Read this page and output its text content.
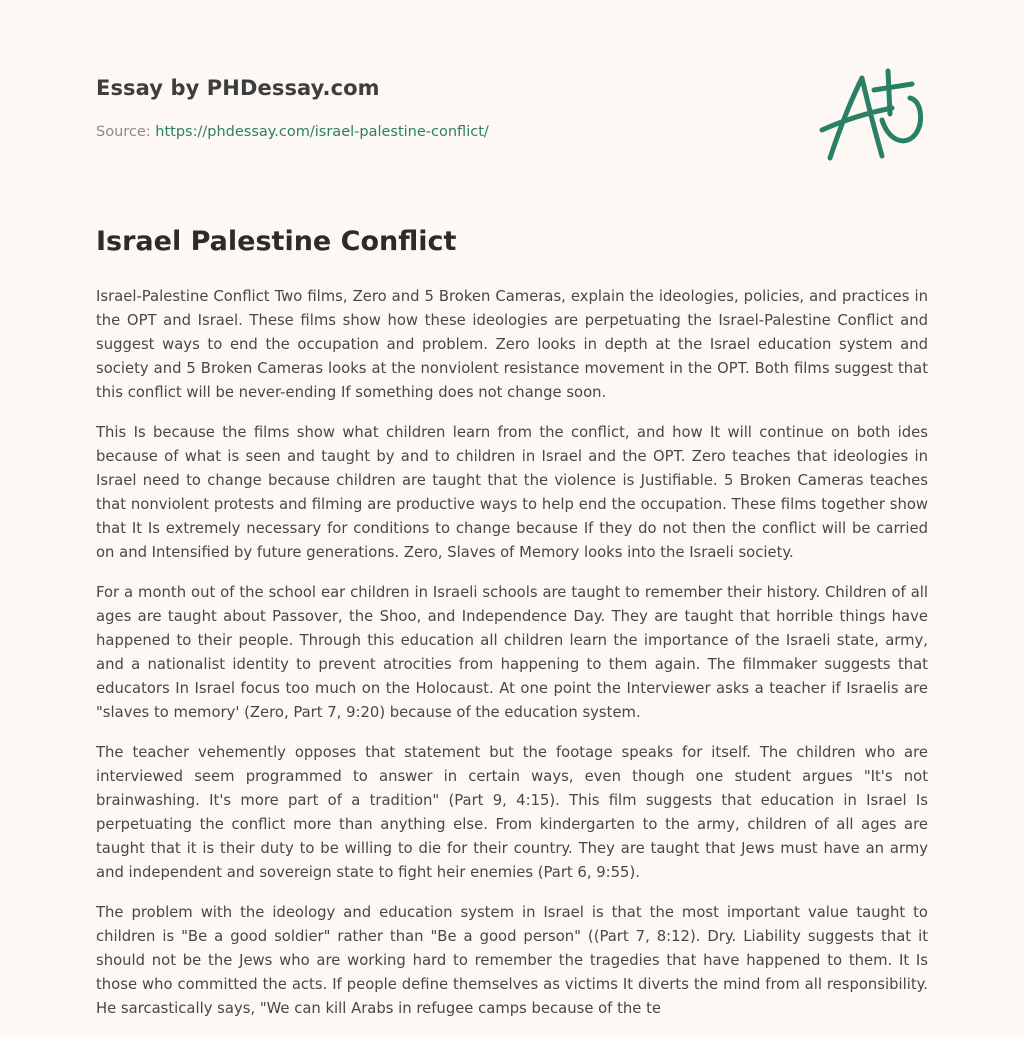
Essay by PHDessay.com
Source: https://phdessay.com/israel-palestine-conflict/
Israel Palestine Conflict

Israel-Palestine Conflict Two films, Zero and 5 Broken Cameras, explain the ideologies, policies, and practices in the OPT and Israel. These films show how these ideologies are perpetuating the Israel-Palestine Conflict and suggest ways to end the occupation and problem. Zero looks in depth at the Israel education system and society and 5 Broken Cameras looks at the nonviolent resistance movement in the OPT. Both films suggest that this conflict will be never-ending If something does not change soon.

This Is because the films show what children learn from the conflict, and how It will continue on both ides because of what is seen and taught by and to children in Israel and the OPT. Zero teaches that ideologies in Israel need to change because children are taught that the violence is Justifiable. 5 Broken Cameras teaches that nonviolent protests and filming are productive ways to help end the occupation. These films together show that It Is extremely necessary for conditions to change because If they do not then the conflict will be carried on and Intensified by future generations. Zero, Slaves of Memory looks into the Israeli society.

For a month out of the school ear children in Israeli schools are taught to remember their history. Children of all ages are taught about Passover, the Shoo, and Independence Day. They are taught that horrible things have happened to their people. Through this education all children learn the importance of the Israeli state, army, and a nationalist identity to prevent atrocities from happening to them again. The filmmaker suggests that educators In Israel focus too much on the Holocaust. At one point the Interviewer asks a teacher if Israelis are "slaves to memory' (Zero, Part 7, 9:20) because of the education system.

The teacher vehemently opposes that statement but the footage speaks for itself. The children who are interviewed seem programmed to answer in certain ways, even though one student argues "It's not brainwashing. It's more part of a tradition" (Part 9, 4:15). This film suggests that education in Israel Is perpetuating the conflict more than anything else. From kindergarten to the army, children of all ages are taught that it is their duty to be willing to die for their country. They are taught that Jews must have an army and independent and sovereign state to fight heir enemies (Part 6, 9:55).

The problem with the ideology and education system in Israel is that the most important value taught to children is "Be a good soldier" rather than "Be a good person" ((Part 7, 8:12). Dry. Liability suggests that it should not be the Jews who are working hard to remember the tragedies that have happened to them. It Is those who committed the acts. If people define themselves as victims It diverts the mind from all responsibility. He sarcastically says, "We can kill Arabs in refugee camps because of the te
